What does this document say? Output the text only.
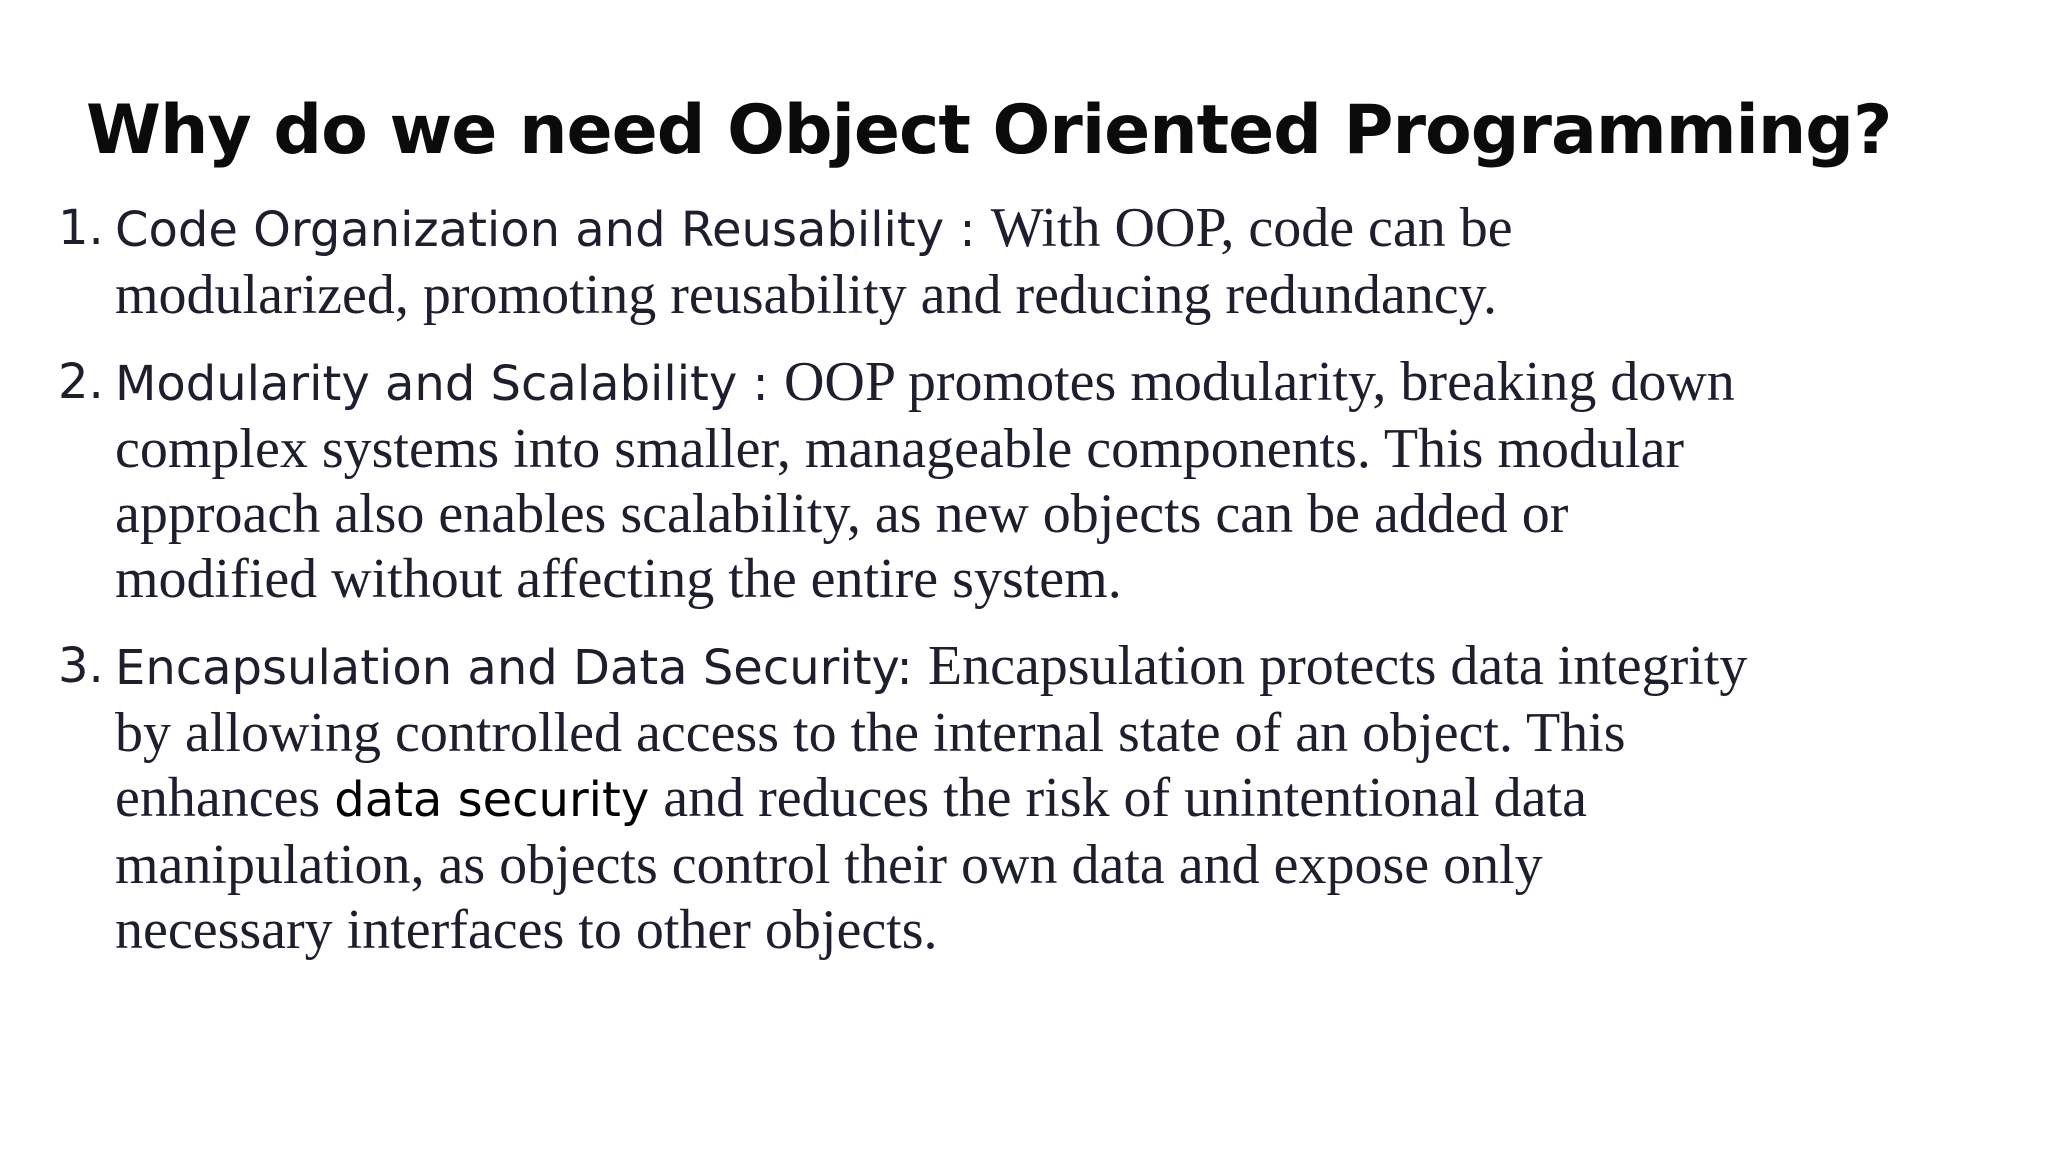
Why do we need Object Oriented Programming?
1. Code Organization and Reusability : With OOP, code can be modularized, promoting reusability and reducing redundancy.
2. Modularity and Scalability : OOP promotes modularity, breaking down complex systems into smaller, manageable components. This modular approach also enables scalability, as new objects can be added or modified without affecting the entire system.
3. Encapsulation and Data Security: Encapsulation protects data integrity by allowing controlled access to the internal state of an object. This enhances data security and reduces the risk of unintentional data manipulation, as objects control their own data and expose only necessary interfaces to other objects.
